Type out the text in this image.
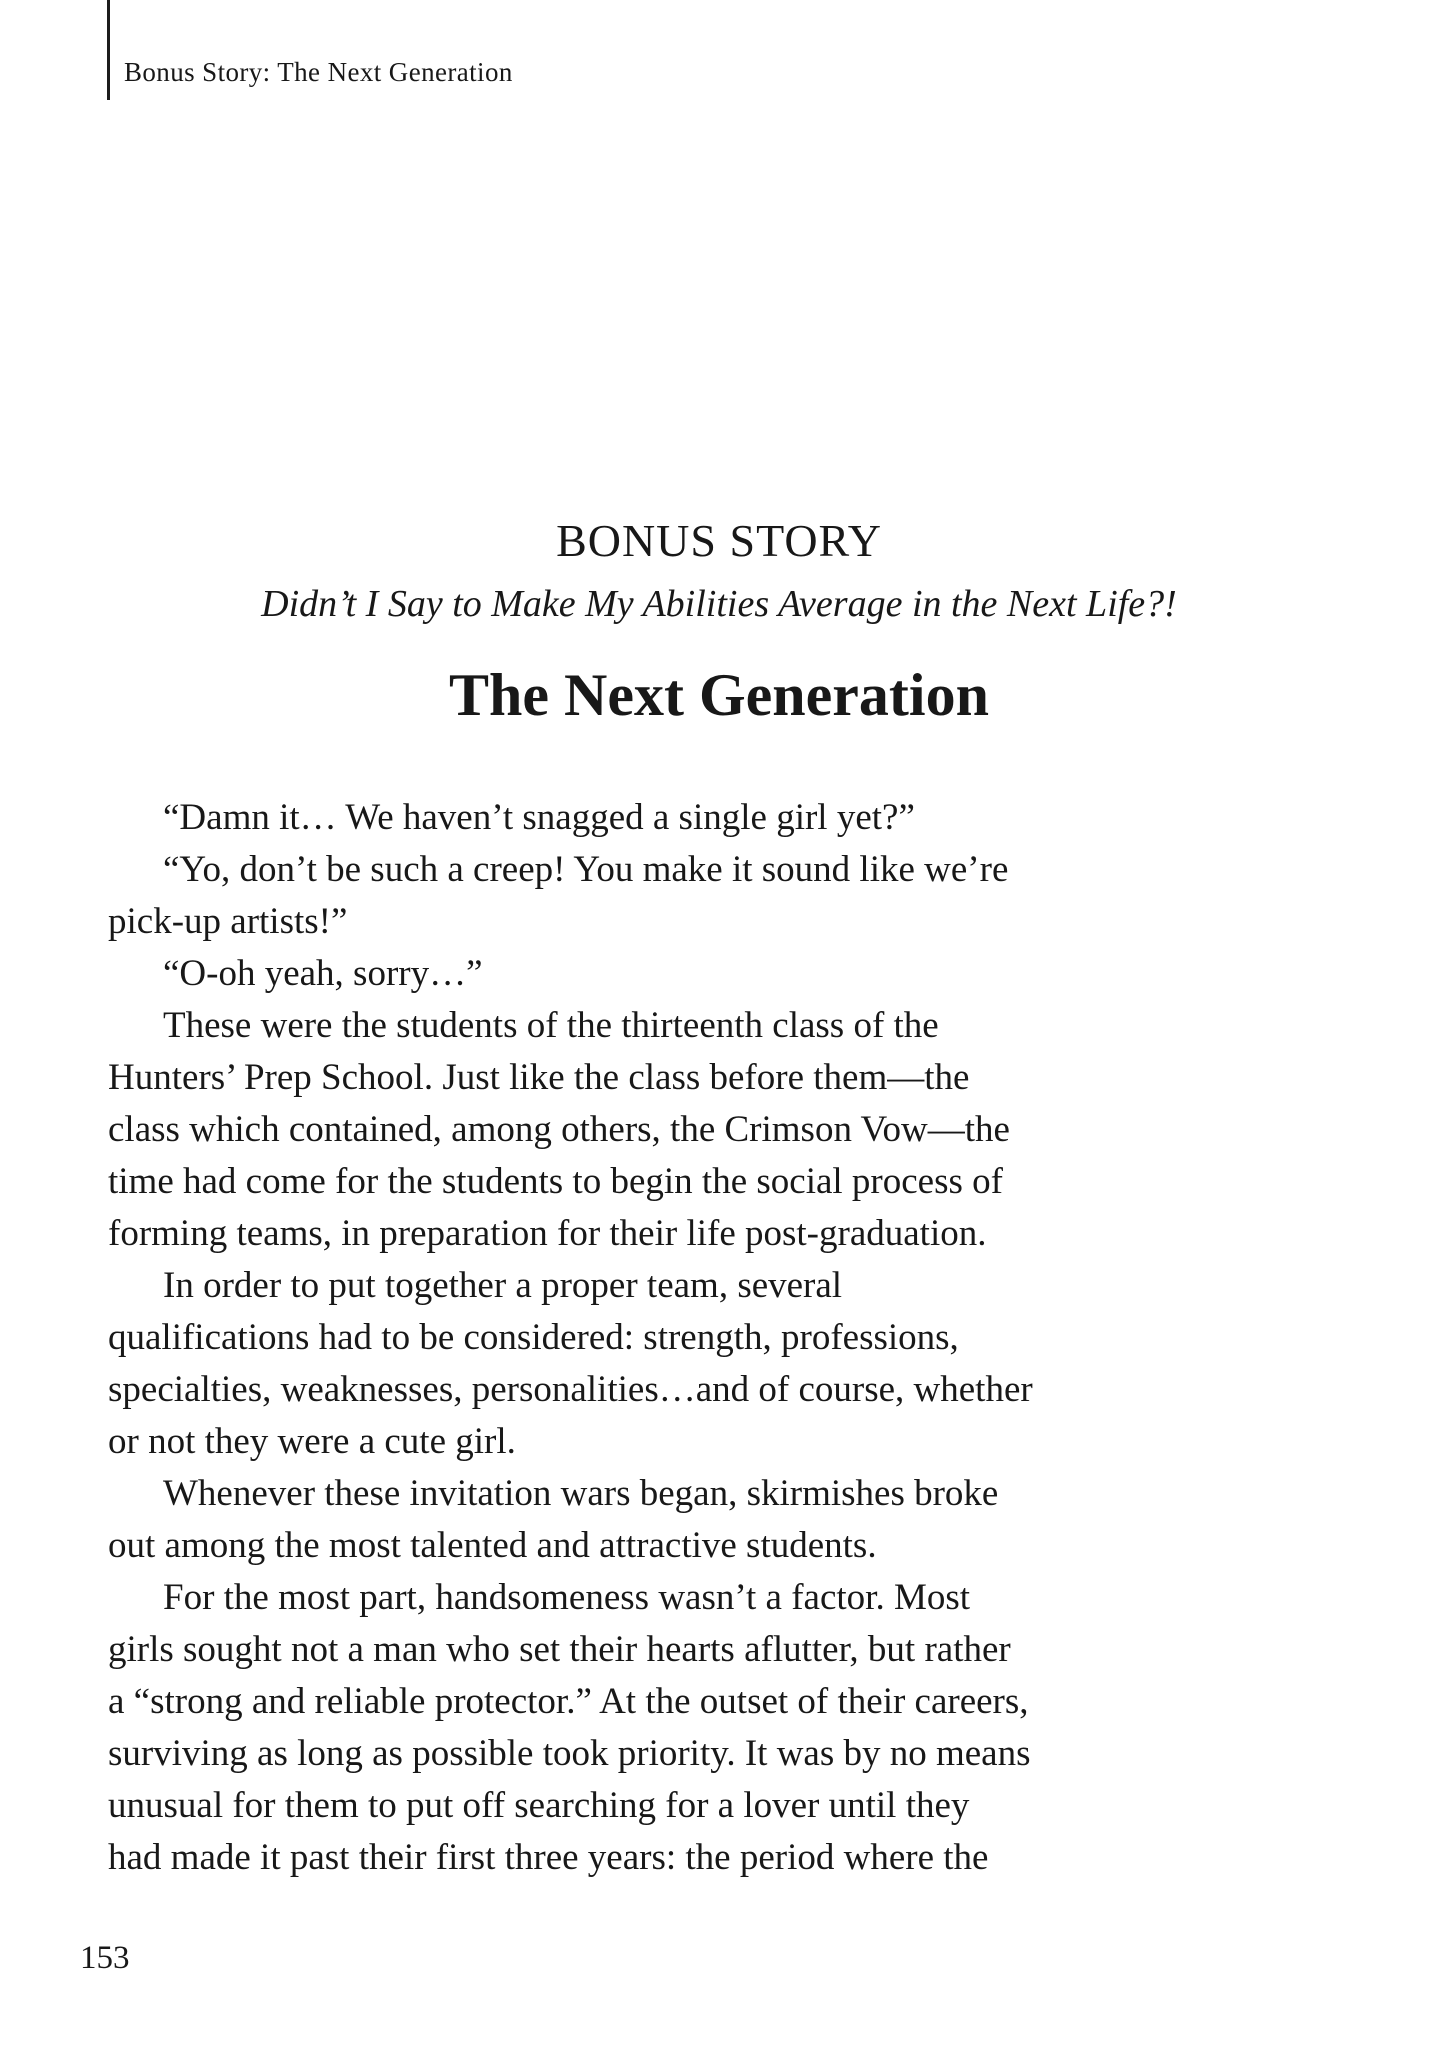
Bonus Story: The Next Generation
BONUS STORY
Didn’t I Say to Make My Abilities Average in the Next Life?!
The Next Generation

“Damn it… We haven’t snagged a single girl yet?”

“Yo, don’t be such a creep! You make it sound like we’re
pick-up artists!”

“O-oh yeah, sorry…”

These were the students of the thirteenth class of the
Hunters’ Prep School. Just like the class before them—the
class which contained, among others, the Crimson Vow—the
time had come for the students to begin the social process of
forming teams, in preparation for their life post-graduation.

In order to put together a proper team, several
qualifications had to be considered: strength, professions,
specialties, weaknesses, personalities…and of course, whether
or not they were a cute girl.

Whenever these invitation wars began, skirmishes broke
out among the most talented and attractive students.

For the most part, handsomeness wasn’t a factor. Most
girls sought not a man who set their hearts aflutter, but rather
a “strong and reliable protector.” At the outset of their careers,
surviving as long as possible took priority. It was by no means
unusual for them to put off searching for a lover until they
had made it past their first three years: the period where the

153
